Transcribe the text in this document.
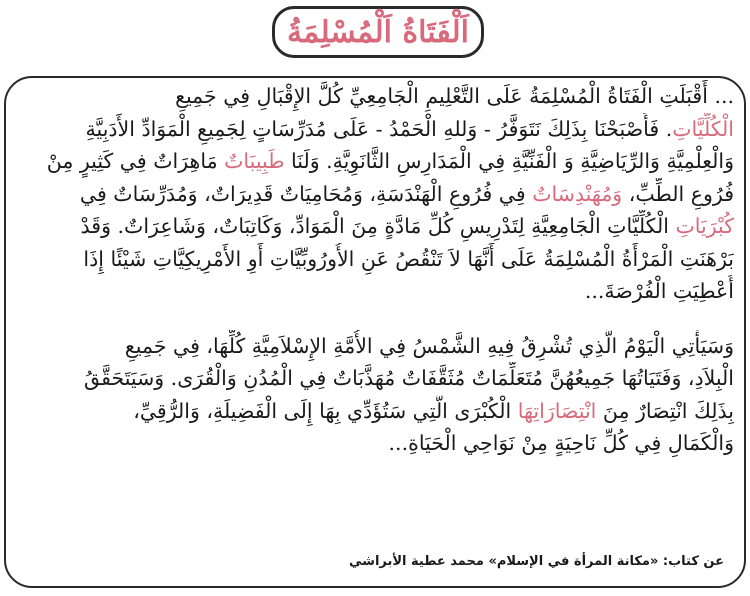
اَلْفَتَاةُ اَلْمُسْلِمَةُ
... أَقْبَلَتِ الْفَتَاةُ الْمُسْلِمَةُ عَلَى التَّعْلِيمِ الْجَامِعِيِّ كُلَّ الإِقْبَالِ فِي جَمِيعِ
الْكُلِّيَّاتِ. فَأَصْبَحْنَا بِذَلِكَ نَتَوَفَّرُ - وَللهِ الْحَمْدُ - عَلَى مُدَرِّسَاتٍ لِجَمِيعِ الْمَوَادِّ الأَدَبِيَّةِ
وَالْعِلْمِيَّةِ وَالرِّيَاضِيَّةِ وَ الْفَنِّيَّةِ فِي الْمَدَارِسِ الثَّانَوِيَّةِ. وَلَنَا طَبِيبَاتٌ مَاهِرَاتٌ فِي كَثِيرٍ مِنْ
فُرُوعِ الطِّبِّ، وَمُهَنْدِسَاتٌ فِي فُرُوعِ الْهَنْدَسَةِ، وَمُحَامِيَاتٌ قَدِيرَاتٌ، وَمُدَرِّسَاتٌ فِي
كُبْرَيَاتِ الْكُلِّيَّاتِ الْجَامِعِيَّةِ لِتَدْرِيسِ كُلِّ مَادَّةٍ مِنَ الْمَوَادِّ، وَكَاتِبَاتٌ، وَشَاعِرَاتٌ. وَقَدْ
بَرْهَنَتِ الْمَرْأَةُ الْمُسْلِمَةُ عَلَى أَنَّهَا لاَ تَنْقُصُ عَنِ الأُورُوبِّيَّاتِ أَوِ الأَمْرِيكِيَّاتِ شَيْئًا إِذَا
أُعْطِيَتِ الْفُرْصَةَ...
وَسَيَأْتِي الْيَوْمُ الَّذِي تُشْرِقُ فِيهِ الشَّمْسُ فِي الأُمَّةِ الإِسْلاَمِيَّةِ كُلِّهَا، فِي جَمِيعِ
الْبِلاَدِ، وَفَتَيَاتُهَا جَمِيعُهُنَّ مُتَعَلِّمَاتٌ مُثَقَّفَاتٌ مُهَذَّبَاتٌ فِي الْمُدُنِ وَالْقُرَى. وَسَيَتَحَقَّقُ
بِذَلِكَ انْتِصَارٌ مِنَ انْتِصَارَاتِهَا الْكُبْرَى الَّتِي سَتُؤَدِّي بِهَا إِلَى الْفَضِيلَةِ، وَالرُّقِيِّ،
وَالْكَمَالِ فِي كُلِّ نَاحِيَةٍ مِنْ نَوَاحِي الْحَيَاةِ...
عن كتاب: «مكانة المرأة في الإسلام» محمد عطية الأبراشي
